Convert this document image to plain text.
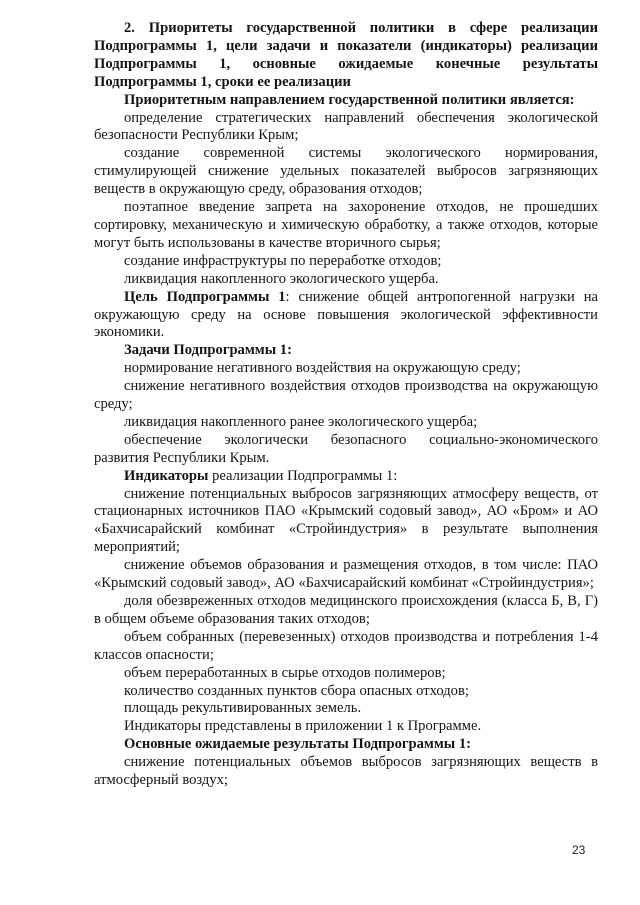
2. Приоритеты государственной политики в сфере реализации Подпрограммы 1, цели задачи и показатели (индикаторы) реализации Подпрограммы 1, основные ожидаемые конечные результаты Подпрограммы 1, сроки ее реализации

Приоритетным направлением государственной политики является:

определение стратегических направлений обеспечения экологической безопасности Республики Крым;

создание современной системы экологического нормирования, стимулирующей снижение удельных показателей выбросов загрязняющих веществ в окружающую среду, образования отходов;

поэтапное введение запрета на захоронение отходов, не прошедших сортировку, механическую и химическую обработку, а также отходов, которые могут быть использованы в качестве вторичного сырья;

создание инфраструктуры по переработке отходов;

ликвидация накопленного экологического ущерба.

Цель Подпрограммы 1: снижение общей антропогенной нагрузки на окружающую среду на основе повышения экологической эффективности экономики.

Задачи Подпрограммы 1:

нормирование негативного воздействия на окружающую среду;

снижение негативного воздействия отходов производства на окружающую среду;

ликвидация накопленного ранее экологического ущерба;

обеспечение экологически безопасного социально-экономического развития Республики Крым.

Индикаторы реализации Подпрограммы 1:

снижение потенциальных выбросов загрязняющих атмосферу веществ, от стационарных источников ПАО «Крымский содовый завод», АО «Бром» и АО «Бахчисарайский комбинат «Стройиндустрия» в результате выполнения мероприятий;

снижение объемов образования и размещения отходов, в том числе: ПАО «Крымский содовый завод», АО «Бахчисарайский комбинат «Стройиндустрия»;

доля обезвреженных отходов медицинского происхождения (класса Б, В, Г) в общем объеме образования таких отходов;

объем собранных (перевезенных) отходов производства и потребления 1-4 классов опасности;

объем переработанных в сырье отходов полимеров;

количество созданных пунктов сбора опасных отходов;

площадь рекультивированных земель.

Индикаторы представлены в приложении 1 к Программе.

Основные ожидаемые результаты Подпрограммы 1:

снижение потенциальных объемов выбросов загрязняющих веществ в атмосферный воздух;

23
